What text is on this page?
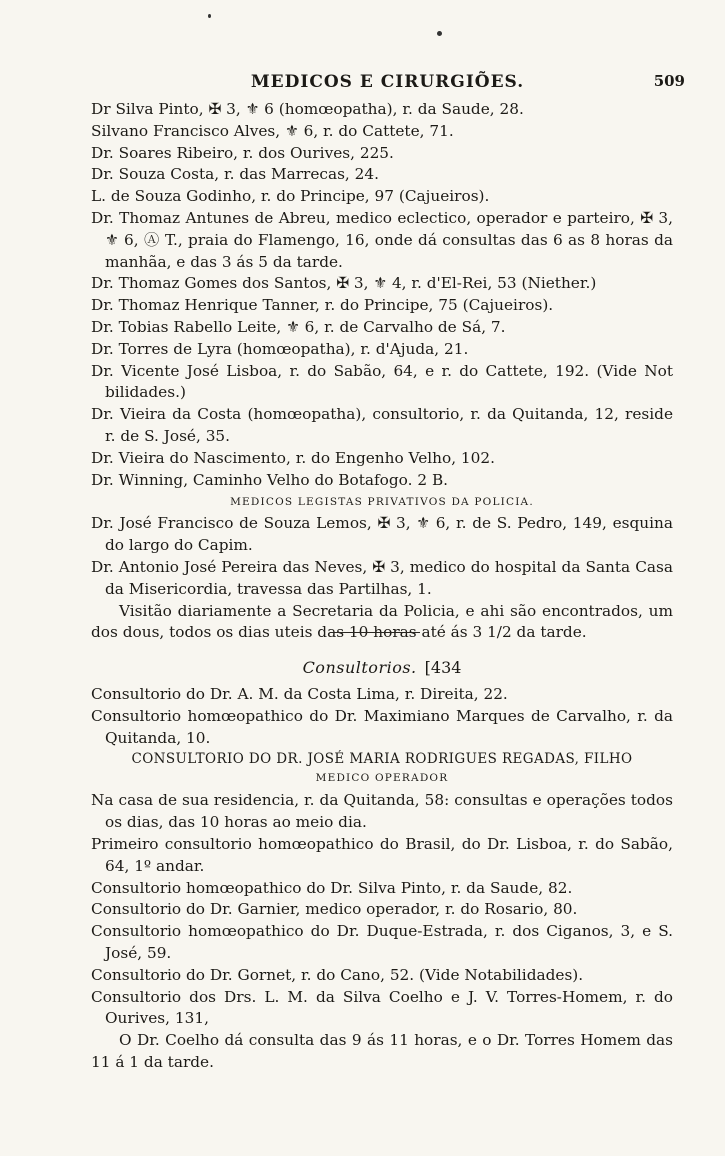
MEDICOS E CIRURGIÕES.	509
Dr Silva Pinto, ✠ 3, ⚜ 6 (homœopatha), r. da Saude, 28.
Silvano Francisco Alves, ⚜ 6, r. do Cattete, 71.
Dr. Soares Ribeiro, r. dos Ourives, 225.
Dr. Souza Costa, r. das Marrecas, 24.
L. de Souza Godinho, r. do Principe, 97 (Cajueiros).
Dr. Thomaz Antunes de Abreu, medico eclectico, operador e parteiro, ✠ 3, ⚜ 6, Ⓐ T., praia do Flamengo, 16, onde dá consultas das 6 as 8 horas da manhãa, e das 3 ás 5 da tarde.
Dr. Thomaz Gomes dos Santos, ✠ 3, ⚜ 4, r. d'El-Rei, 53 (Niether.)
Dr. Thomaz Henrique Tanner, r. do Principe, 75 (Cajueiros).
Dr. Tobias Rabello Leite, ⚜ 6, r. de Carvalho de Sá, 7.
Dr. Torres de Lyra (homœopatha), r. d'Ajuda, 21.
Dr. Vicente José Lisboa, r. do Sabão, 64, e r. do Cattete, 192. (Vide Not bilidades.)
Dr. Vieira da Costa (homœopatha), consultorio, r. da Quitanda, 12, reside r. de S. José, 35.
Dr. Vieira do Nascimento, r. do Engenho Velho, 102.
Dr. Winning, Caminho Velho do Botafogo. 2 B.
MEDICOS LEGISTAS PRIVATIVOS DA POLICIA.
Dr. José Francisco de Souza Lemos, ✠ 3, ⚜ 6, r. de S. Pedro, 149, esquina do largo do Capim.
Dr. Antonio José Pereira das Neves, ✠ 3, medico do hospital da Santa Casa da Misericordia, travessa das Partilhas, 1.
Visitão diariamente a Secretaria da Policia, e ahi são encontrados, um dos dous, todos os dias uteis das 10 horas até ás 3 1/2 da tarde.
Consultorios. [434
Consultorio do Dr. A. M. da Costa Lima, r. Direita, 22.
Consultorio homœopathico do Dr. Maximiano Marques de Carvalho, r. da Quitanda, 10.
CONSULTORIO DO DR. JOSÉ MARIA RODRIGUES REGADAS, FILHO
MEDICO OPERADOR
Na casa de sua residencia, r. da Quitanda, 58: consultas e operações todos os dias, das 10 horas ao meio dia.
Primeiro consultorio homœopathico do Brasil, do Dr. Lisboa, r. do Sabão, 64, 1º andar.
Consultorio homœopathico do Dr. Silva Pinto, r. da Saude, 82.
Consultorio do Dr. Garnier, medico operador, r. do Rosario, 80.
Consultorio homœopathico do Dr. Duque-Estrada, r. dos Ciganos, 3, e S. José, 59.
Consultorio do Dr. Gornet, r. do Cano, 52. (Vide Notabilidades).
Consultorio dos Drs. L. M. da Silva Coelho e J. V. Torres-Homem, r. do Ourives, 131,
O Dr. Coelho dá consulta das 9 ás 11 horas, e o Dr. Torres Homem das 11 á 1 da tarde.
